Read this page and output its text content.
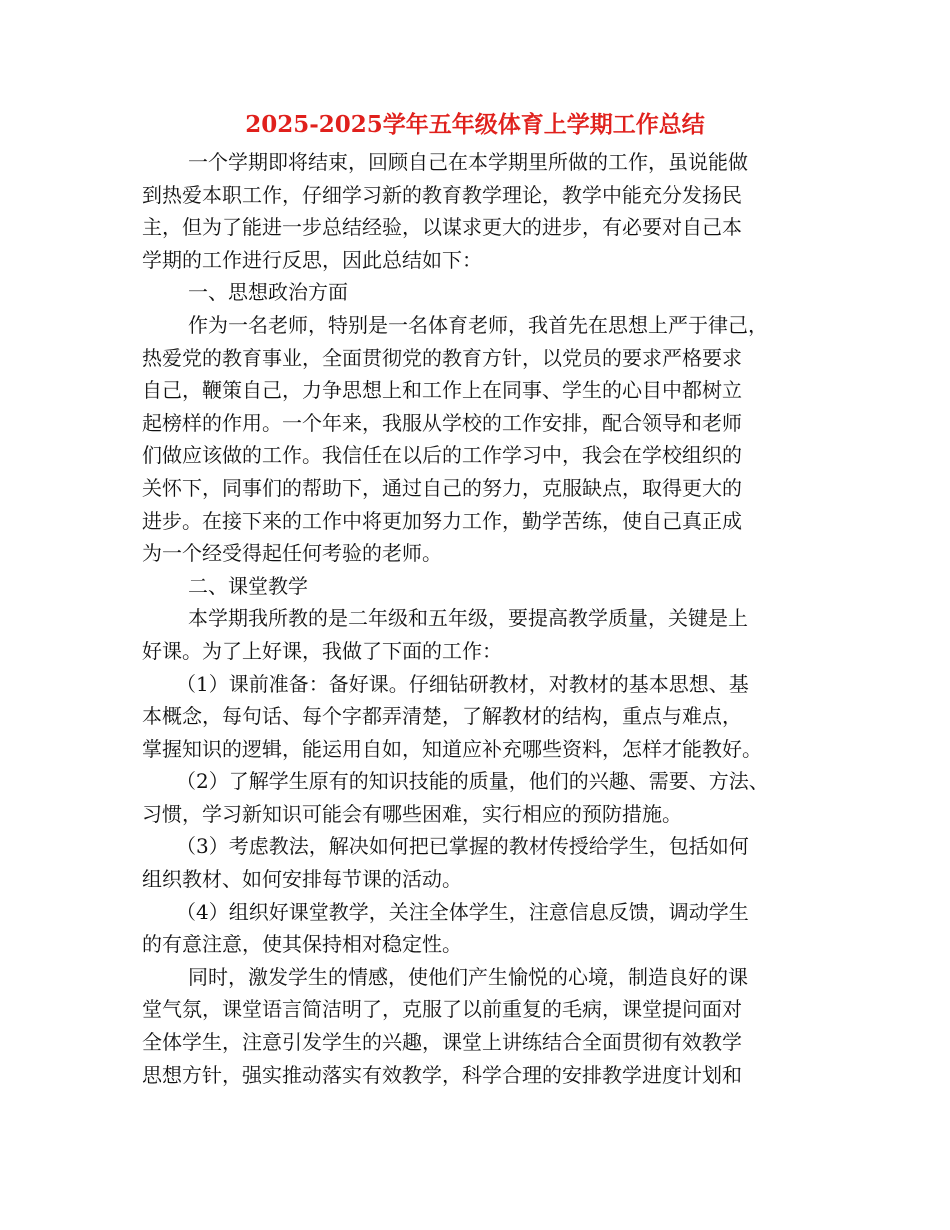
2025-2025学年五年级体育上学期工作总结
一个学期即将结束，回顾自己在本学期里所做的工作，虽说能做
到热爱本职工作，仔细学习新的教育教学理论，教学中能充分发扬民
主，但为了能进一步总结经验，以谋求更大的进步，有必要对自己本
学期的工作进行反思，因此总结如下：
一、思想政治方面
作为一名老师，特别是一名体育老师，我首先在思想上严于律己，
热爱党的教育事业，全面贯彻党的教育方针，以党员的要求严格要求
自己，鞭策自己，力争思想上和工作上在同事、学生的心目中都树立
起榜样的作用。一个年来，我服从学校的工作安排，配合领导和老师
们做应该做的工作。我信任在以后的工作学习中，我会在学校组织的
关怀下，同事们的帮助下，通过自己的努力，克服缺点，取得更大的
进步。在接下来的工作中将更加努力工作，勤学苦练，使自己真正成
为一个经受得起任何考验的老师。
二、课堂教学
本学期我所教的是二年级和五年级，要提高教学质量，关键是上
好课。为了上好课，我做了下面的工作：
（1）课前准备：备好课。仔细钻研教材，对教材的基本思想、基
本概念，每句话、每个字都弄清楚，了解教材的结构，重点与难点，
掌握知识的逻辑，能运用自如，知道应补充哪些资料，怎样才能教好。
（2）了解学生原有的知识技能的质量，他们的兴趣、需要、方法、
习惯，学习新知识可能会有哪些困难，实行相应的预防措施。
（3）考虑教法，解决如何把已掌握的教材传授给学生，包括如何
组织教材、如何安排每节课的活动。
（4）组织好课堂教学，关注全体学生，注意信息反馈，调动学生
的有意注意，使其保持相对稳定性。
同时，激发学生的情感，使他们产生愉悦的心境，制造良好的课
堂气氛，课堂语言简洁明了，克服了以前重复的毛病，课堂提问面对
全体学生，注意引发学生的兴趣，课堂上讲练结合全面贯彻有效教学
思想方针，强实推动落实有效教学，科学合理的安排教学进度计划和
